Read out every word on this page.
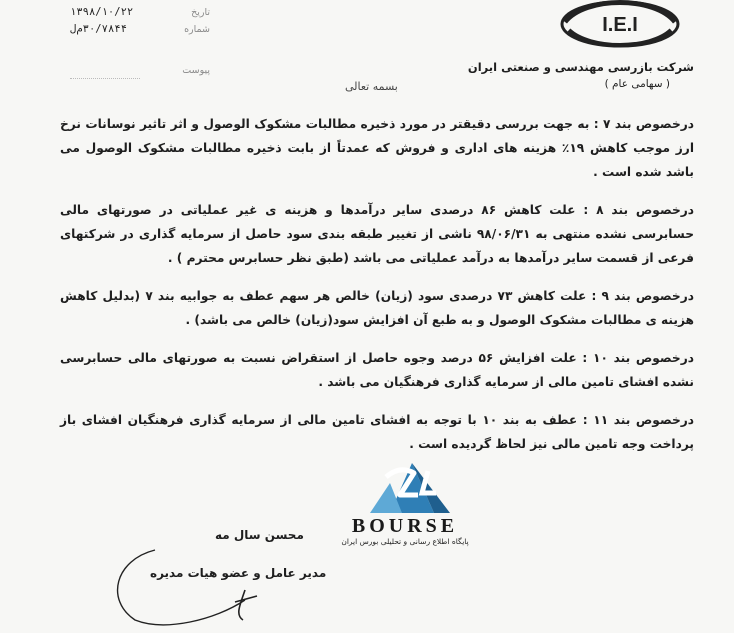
تاریخ
۱۳۹۸/۱۰/۲۲
شماره
۳۰/۷۸۴۴م‌ل
پیوست
I.E.I
شرکت بازرسی مهندسی و صنعتی ایران
( سهامی عام )
بسمه تعالی

درخصوص بند ۷ : به جهت بررسی دقیقتر در مورد ذخیره مطالبات مشکوک الوصول و اثر تاثیر نوسانات نرخ ارز موجب کاهش ۱۹٪ هزینه های اداری و فروش که عمدتاً از بابت ذخیره مطالبات مشکوک الوصول می باشد شده است .

درخصوص بند ۸ : علت کاهش ۸۶ درصدی سایر درآمدها و هزینه ی غیر عملیاتی در صورتهای مالی حسابرسی نشده منتهی به ۹۸/۰۶/۳۱ ناشی از تغییر طبقه بندی سود حاصل از سرمایه گذاری در شرکتهای فرعی از قسمت سایر درآمدها به درآمد عملیاتی می باشد (طبق نظر حسابرس محترم ) .

درخصوص بند ۹ : علت کاهش ۷۳ درصدی سود (زیان) خالص هر سهم عطف به جوابیه بند ۷ (بدلیل کاهش هزینه ی مطالبات مشکوک الوصول و به طبع آن افزایش سود(زیان) خالص می باشد) .

درخصوص بند ۱۰ : علت افزایش ۵۶ درصد وجوه حاصل از استقراض نسبت به صورتهای مالی حسابرسی نشده افشای تامین مالی از سرمایه گذاری فرهنگیان می باشد .

درخصوص بند ۱۱ : عطف به بند ۱۰ با توجه به افشای تامین مالی از سرمایه گذاری فرهنگیان افشای باز پرداخت وجه تامین مالی نیز لحاظ گردیده است .

BOURSE
پایگاه اطلاع رسانی و تحلیلی بورس ایران
محسن سال مه
مدیر عامل و عضو هیات مدیره
